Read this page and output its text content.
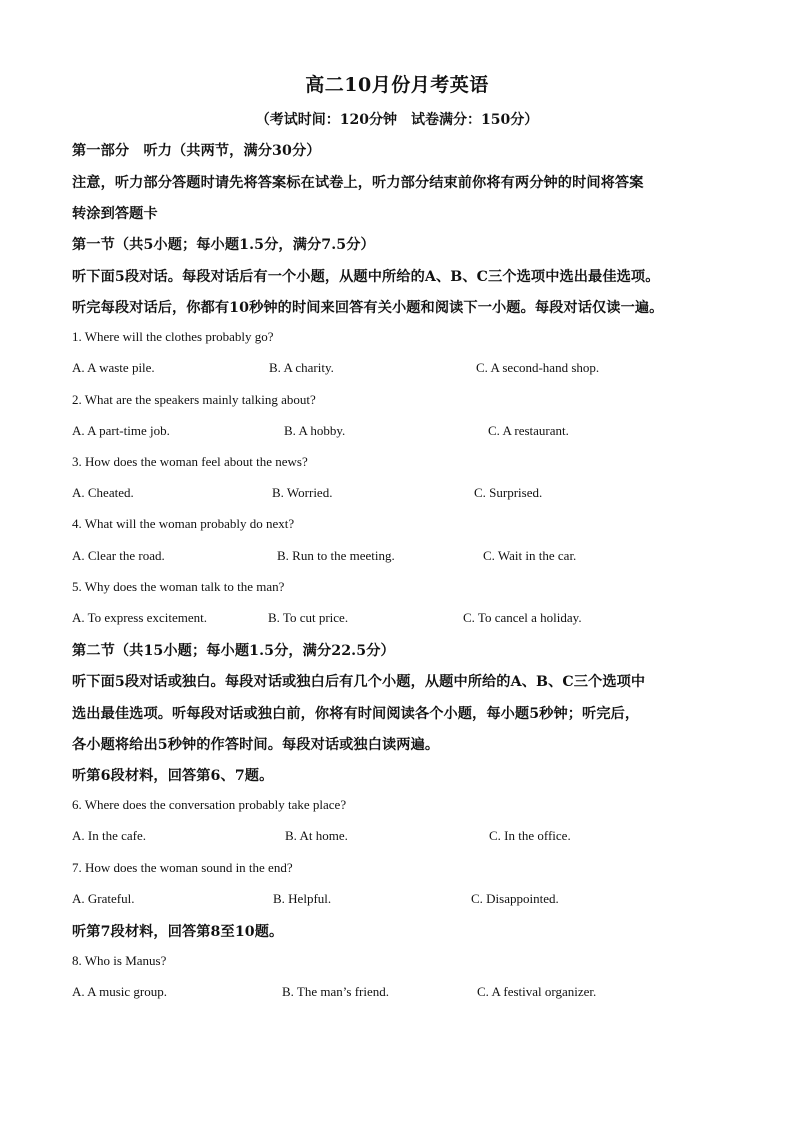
高二10月份月考英语
（考试时间：120分钟　试卷满分：150分）
第一部分　听力（共两节，满分30分）
注意，听力部分答题时请先将答案标在试卷上，听力部分结束前你将有两分钟的时间将答案
转涂到答题卡
第一节（共5小题；每小题1.5分，满分7.5分）
听下面5段对话。每段对话后有一个小题，从题中所给的A、B、C三个选项中选出最佳选项。
听完每段对话后，你都有10秒钟的时间来回答有关小题和阅读下一小题。每段对话仅读一遍。
1. Where will the clothes probably go?
A. A waste pile.	B. A charity.	C. A second-hand shop.
2. What are the speakers mainly talking about?
A. A part-time job.	B. A hobby.	C. A restaurant.
3. How does the woman feel about the news?
A. Cheated.	B. Worried.	C. Surprised.
4. What will the woman probably do next?
A. Clear the road.	B. Run to the meeting.	C. Wait in the car.
5. Why does the woman talk to the man?
A. To express excitement.	B. To cut price.	C. To cancel a holiday.
第二节（共15小题；每小题1.5分，满分22.5分）
听下面5段对话或独白。每段对话或独白后有几个小题，从题中所给的A、B、C三个选项中
选出最佳选项。听每段对话或独白前，你将有时间阅读各个小题，每小题5秒钟；听完后，
各小题将给出5秒钟的作答时间。每段对话或独白读两遍。
听第6段材料，回答第6、7题。
6. Where does the conversation probably take place?
A. In the cafe.	B. At home.	C. In the office.
7. How does the woman sound in the end?
A. Grateful.	B. Helpful.	C. Disappointed.
听第7段材料，回答第8至10题。
8. Who is Manus?
A. A music group.	B. The man’s friend.	C. A festival organizer.
